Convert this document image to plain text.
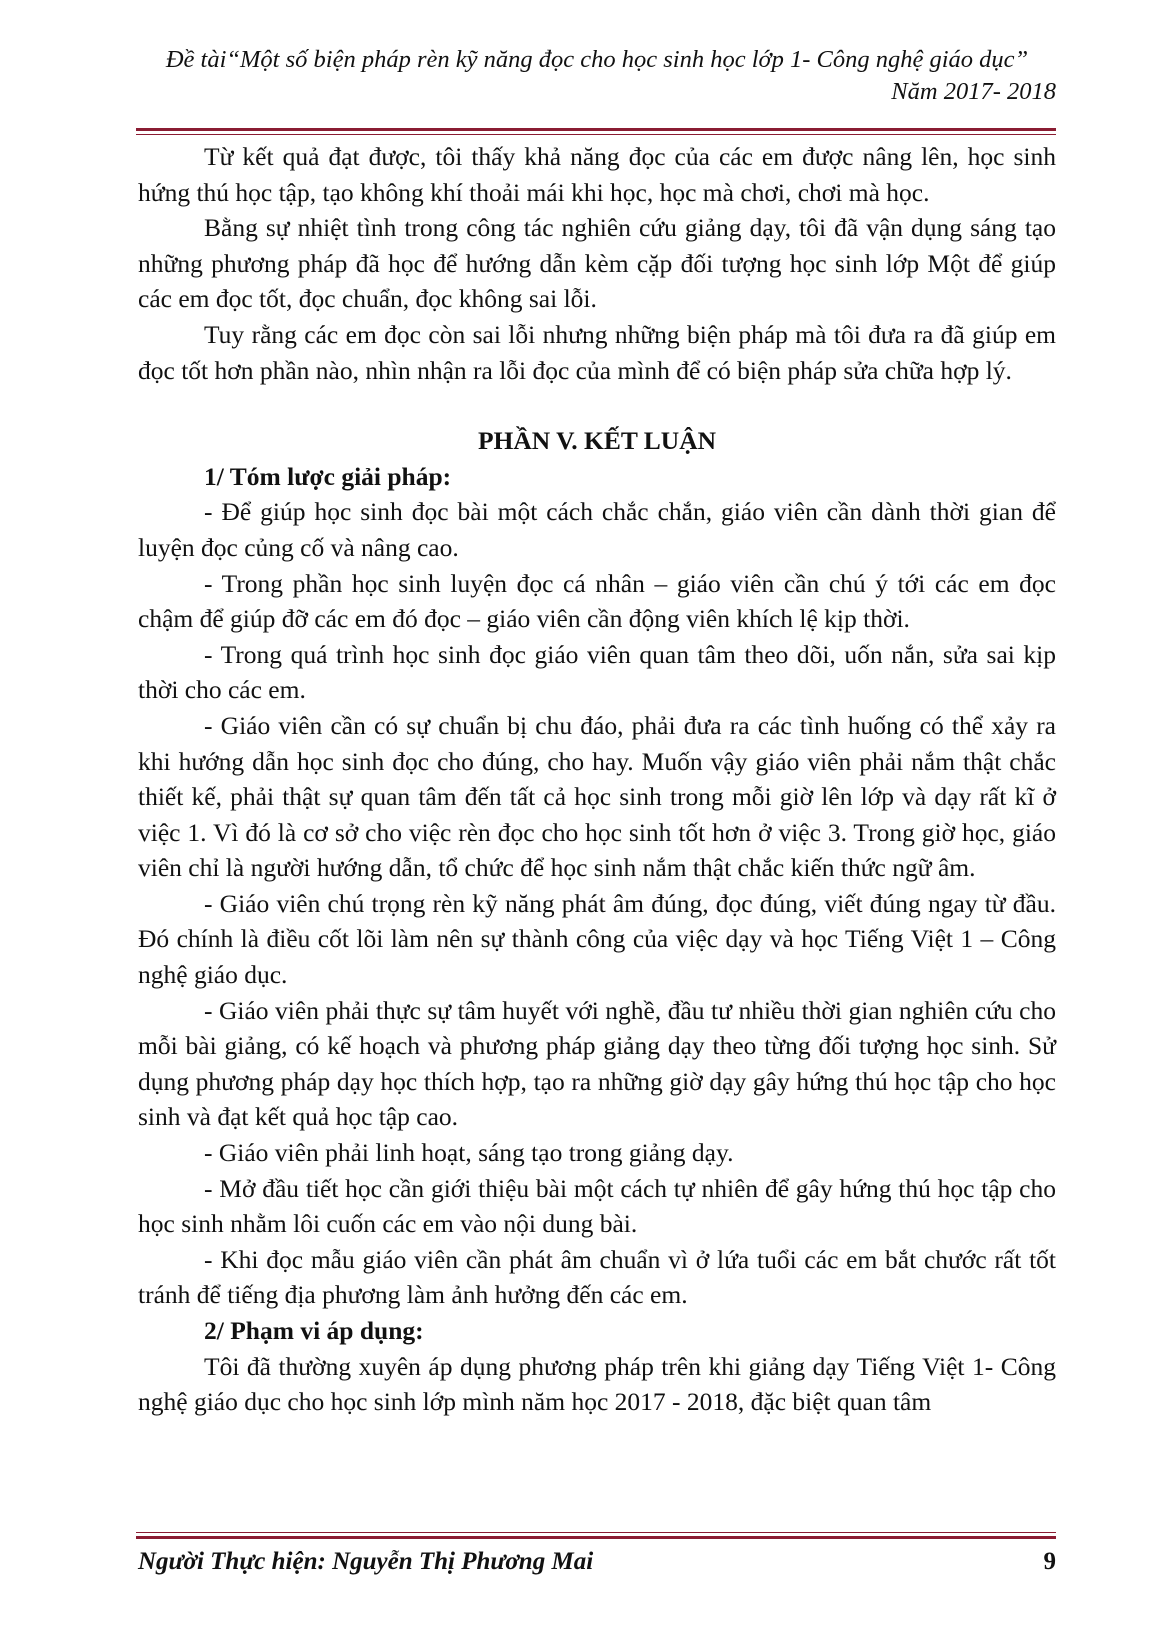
Đề tài“Một số biện pháp rèn kỹ năng đọc cho học sinh học lớp 1- Công nghệ giáo dục”
Năm 2017- 2018

Từ kết quả đạt được, tôi thấy khả năng đọc của các em được nâng lên, học sinh hứng thú học tập, tạo không khí thoải mái khi học, học mà chơi, chơi mà học.

Bằng sự nhiệt tình trong công tác nghiên cứu giảng dạy, tôi đã vận dụng sáng tạo những phương pháp đã học để hướng dẫn kèm cặp đối tượng học sinh lớp Một để giúp các em đọc tốt, đọc chuẩn, đọc không sai lỗi.

Tuy rằng các em đọc còn sai lỗi nhưng những biện pháp mà tôi đưa ra đã giúp em đọc tốt hơn phần nào, nhìn nhận ra lỗi đọc của mình để có biện pháp sửa chữa hợp lý.

PHẦN V. KẾT LUẬN

1/ Tóm lược giải pháp:

- Để giúp học sinh đọc bài một cách chắc chắn, giáo viên cần dành thời gian để luyện đọc củng cố và nâng cao.

- Trong phần học sinh luyện đọc cá nhân – giáo viên cần chú ý tới các em đọc chậm để giúp đỡ các em đó đọc – giáo viên cần động viên khích lệ kịp thời.

- Trong quá trình học sinh đọc giáo viên quan tâm theo dõi, uốn nắn, sửa sai kịp thời cho các em.

- Giáo viên cần có sự chuẩn bị chu đáo, phải đưa ra các tình huống có thể xảy ra khi hướng dẫn học sinh đọc cho đúng, cho hay. Muốn vậy giáo viên phải nắm thật chắc thiết kế, phải thật sự quan tâm đến tất cả học sinh trong mỗi giờ lên lớp và dạy rất kĩ ở việc 1. Vì đó là cơ sở cho việc rèn đọc cho học sinh tốt hơn ở việc 3. Trong giờ học, giáo viên chỉ là người hướng dẫn, tổ chức để học sinh nắm thật chắc kiến thức ngữ âm.

- Giáo viên chú trọng rèn kỹ năng phát âm đúng, đọc đúng, viết đúng ngay từ đầu. Đó chính là điều cốt lõi làm nên sự thành công của việc dạy và học Tiếng Việt 1 – Công nghệ giáo dục.

- Giáo viên phải thực sự tâm huyết với nghề, đầu tư nhiều thời gian nghiên cứu cho mỗi bài giảng, có kế hoạch và phương pháp giảng dạy theo từng đối tượng học sinh. Sử dụng phương pháp dạy học thích hợp, tạo ra những giờ dạy gây hứng thú học tập cho học sinh và đạt kết quả học tập cao.

- Giáo viên phải linh hoạt, sáng tạo trong giảng dạy.

- Mở đầu tiết học cần giới thiệu bài một cách tự nhiên để gây hứng thú học tập cho học sinh nhằm lôi cuốn các em vào nội dung bài.

- Khi đọc mẫu giáo viên cần phát âm chuẩn vì ở lứa tuổi các em bắt chước rất tốt tránh để tiếng địa phương làm ảnh hưởng đến các em.

2/ Phạm vi áp dụng:

Tôi đã thường xuyên áp dụng phương pháp trên khi giảng dạy Tiếng Việt 1- Công nghệ giáo dục cho học sinh lớp mình năm học 2017 - 2018, đặc biệt quan tâm

Người Thực hiện: Nguyễn Thị Phương Mai	9
